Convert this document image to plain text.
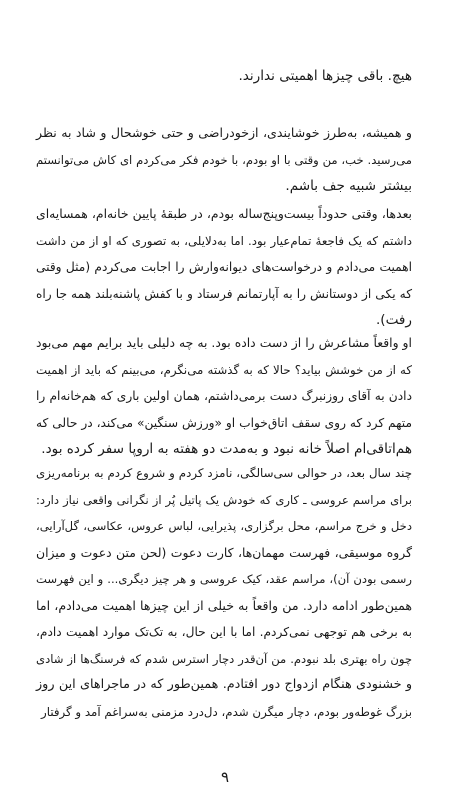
هیچ. باقی چیزها اهمیتی ندارند.
و همیشه، به‌طرز خوشایندی، ازخودراضی و حتی خوشحال و شاد به نظر
می‌رسید. خب، من وقتی با او بودم، با خودم فکر می‌کردم ای کاش می‌توانستم
بیشتر شبیه جف باشم.
بعدها، وقتی حدوداً بیست‌وپنج‌ساله بودم، در طبقهٔ پایین خانه‌ام، همسایه‌ای
داشتم که یک فاجعهٔ تمام‌عیار بود. اما به‌دلایلی، به تصوری که او از من داشت
اهمیت می‌دادم و درخواست‌های دیوانه‌وارش را اجابت می‌کردم (مثل وقتی
که یکی از دوستانش را به آپارتمانم فرستاد و با کفش پاشنه‌بلند همه جا راه
رفت).
او واقعاً مشاعرش را از دست داده بود. به چه دلیلی باید برایم مهم می‌بود
که از من خوشش بیاید؟ حالا که به گذشته می‌نگرم، می‌بینم که باید از اهمیت
دادن به آقای روزنبرگ دست برمی‌داشتم، همان اولین باری که هم‌خانه‌ام را
متهم کرد که روی سقف اتاق‌خواب او «ورزش سنگین» می‌کند، در حالی که
هم‌اتاقی‌ام اصلاً خانه نبود و به‌مدت دو هفته به اروپا سفر کرده بود.
چند سال بعد، در حوالی سی‌سالگی، نامزد کردم و شروع کردم به برنامه‌ریزی
برای مراسم عروسی ـ کاری که خودش یک پاتیل پُر از نگرانی واقعی نیاز دارد:
دخل و خرج مراسم، محل برگزاری، پذیرایی، لباس عروس، عکاسی، گل‌آرایی،
گروه موسیقی، فهرست مهمان‌ها، کارت دعوت (لحن متن دعوت و میزان
رسمی بودن آن)، مراسم عقد، کیک عروسی و هر چیز دیگری... و این فهرست
همین‌طور ادامه دارد. من واقعاً به خیلی از این چیزها اهمیت می‌دادم، اما
به برخی هم توجهی نمی‌کردم. اما با این حال، به تک‌تک موارد اهمیت دادم،
چون راه بهتری بلد نبودم. من آن‌قدر دچار استرس شدم که فرسنگ‌ها از شادی
و خشنودی هنگام ازدواج دور افتادم. همین‌طور که در ماجراهای این روز
بزرگ غوطه‌ور بودم، دچار میگرن شدم، دل‌درد مزمنی به‌سراغم آمد و گرفتار
۹
